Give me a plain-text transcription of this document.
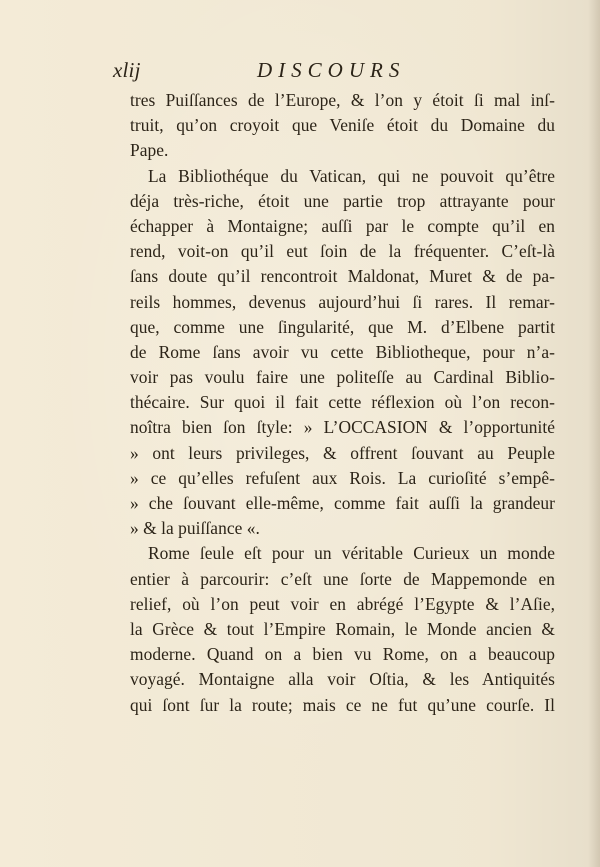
xlij	DISCOURS
tres Puiſſances de l’Europe, & l’on y étoit ſi mal inſ-
truit, qu’on croyoit que Veniſe étoit du Domaine du
Pape.
La Bibliothéque du Vatican, qui ne pouvoit qu’être
déja très-riche, étoit une partie trop attrayante pour
échapper à Montaigne; auſſi par le compte qu’il en
rend, voit-on qu’il eut ſoin de la fréquenter. C’eſt-là
ſans doute qu’il rencontroit Maldonat, Muret & de pa-
reils hommes, devenus aujourd’hui ſi rares. Il remar-
que, comme une ſingularité, que M. d’Elbene partit
de Rome ſans avoir vu cette Bibliotheque, pour n’a-
voir pas voulu faire une politeſſe au Cardinal Biblio-
thécaire. Sur quoi il fait cette réflexion où l’on recon-
noîtra bien ſon ſtyle: » L’OCCASION & l’opportunité
» ont leurs privileges, & offrent ſouvant au Peuple
» ce qu’elles refuſent aux Rois. La curioſité s’empê-
» che ſouvant elle-même, comme fait auſſi la grandeur
» & la puiſſance «.
Rome ſeule eſt pour un véritable Curieux un monde
entier à parcourir: c’eſt une ſorte de Mappemonde en
relief, où l’on peut voir en abrégé l’Egypte & l’Aſie,
la Grèce & tout l’Empire Romain, le Monde ancien &
moderne. Quand on a bien vu Rome, on a beaucoup
voyagé. Montaigne alla voir Oſtia, & les Antiquités
qui ſont ſur la route; mais ce ne fut qu’une courſe. Il
